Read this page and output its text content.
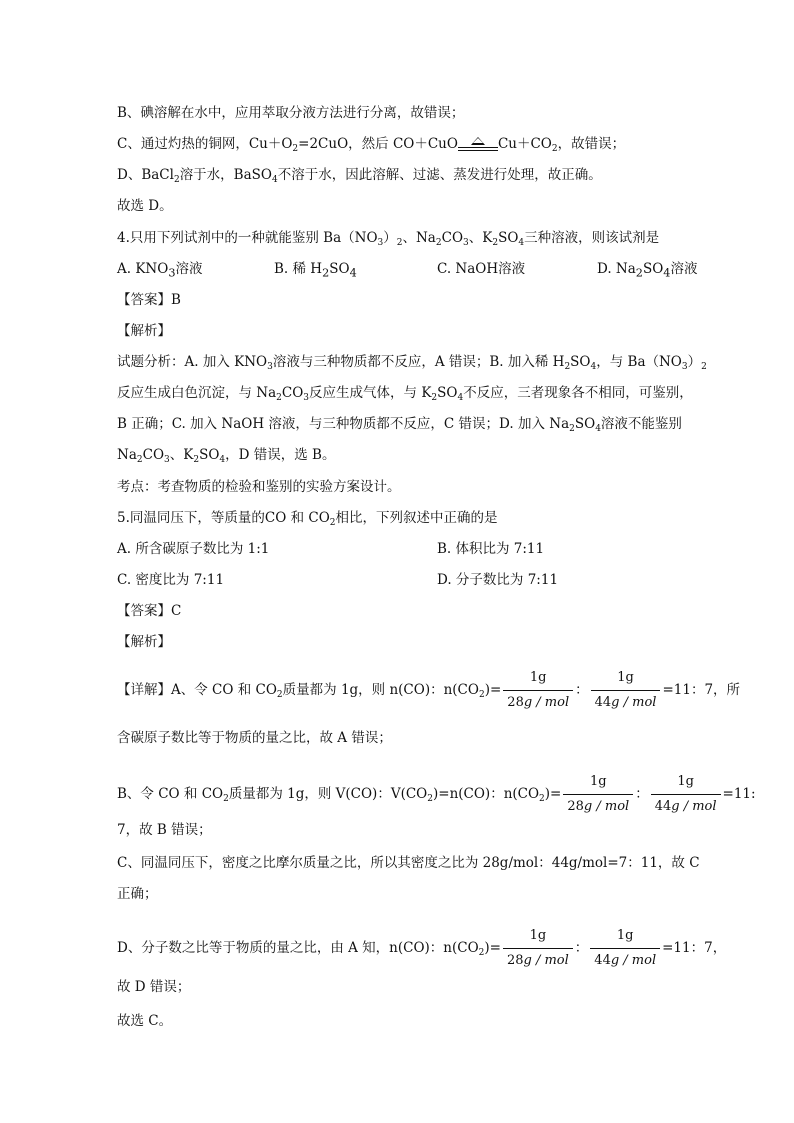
B、碘溶解在水中，应用萃取分液方法进行分离，故错误；
C、通过灼热的铜网，$Cu+O_2=2CuO$，然后 CO＋CuO	$Cu+CO_2$，故错误；
D、BaCl$_2$溶于水，BaSO$_4$不溶于水，因此溶解、过滤、蒸发进行处理，故正确。
故选 D。
4.只用下列试剂中的一种就能鉴别 $Ba(NO_3)_2$、$Na_2CO_3$、$K_2SO_4$三种溶液，则该试剂是
A. $KNO_3$溶液	B. 稀 $H_2SO_4$	C. NaOH溶液	D. $Na_2SO_4$溶液
【答案】B
【解析】
试题分析：A. 加入 $KNO_3$溶液与三种物质都不反应，A 错误；B. 加入稀 $H_2SO_4$，与 $Ba(NO_3)_2$
反应生成白色沉淀，与 $Na_2CO_3$反应生成气体，与 $K_2SO_4$不反应，三者现象各不相同，可鉴别，
B 正确；C. 加入 NaOH 溶液，与三种物质都不反应，C 错误；D. 加入 $Na_2SO_4$溶液不能鉴别
$Na_2CO_3$、$K_2SO_4$，D 错误，选 B。
考点：考查物质的检验和鉴别的实验方案设计。
5.同温同压下，等质量的CO 和 $CO_2$相比，下列叙述中正确的是
A. 所含碳原子数比为 1:1	B. 体积比为 7:11
C. 密度比为 7:11	D. 分子数比为 7:11
【答案】C
【解析】
【详解】A、令 CO 和 $CO_2$质量都为 1g，则 n(CO)：$n(CO_2)= \frac{1g}{\text{28g / mol}}$ ： $\frac{1g}{\text{44g / mol}} =11$：7，所
含碳原子数比等于物质的量之比，故 A 错误；
B、令 CO 和 $CO_2$质量都为 1g，则 V(CO)：$V(CO_2)=n(CO)$：$n(CO_2)= \frac{1g}{\text{28g / mol}}$ ： $\frac{1g}{\text{44g / mol}} =11$:
7，故 B 错误；
C、同温同压下，密度之比摩尔质量之比，所以其密度之比为 28g/mol：44g/mol=7：11，故 C
正确；
D、分子数之比等于物质的量之比，由 A 知，n(CO)：$n(CO_2)= \frac{1g}{\text{28g / mol}}$ ： $\frac{1g}{\text{44g / mol}} =11$：7，
故 D 错误；
故选 C。
